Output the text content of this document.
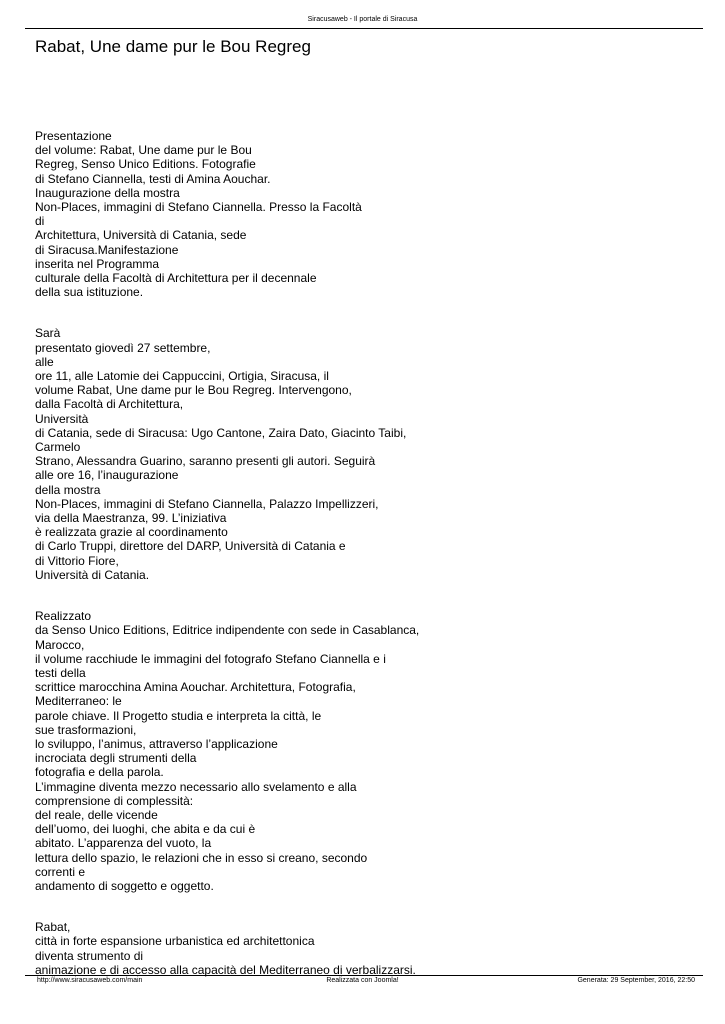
Siracusaweb - Il portale di Siracusa
Rabat, Une dame pur le Bou Regreg
Presentazione
del volume: Rabat, Une dame pur le Bou
Regreg, Senso Unico Editions. Fotografie
di Stefano Ciannella, testi di Amina Aouchar.
Inaugurazione della mostra
Non-Places, immagini di Stefano Ciannella. Presso la Facoltà
di
Architettura, Università di Catania, sede
di Siracusa.Manifestazione
inserita nel Programma
culturale della Facoltà di Architettura per il decennale
della sua istituzione.
Sarà
presentato giovedì 27 settembre,
alle
ore 11, alle Latomie dei Cappuccini, Ortigia, Siracusa, il
volume Rabat, Une dame pur le Bou Regreg. Intervengono,
dalla Facoltà di Architettura,
Università
di Catania, sede di Siracusa: Ugo Cantone, Zaira Dato, Giacinto Taibi,
Carmelo
Strano, Alessandra Guarino, saranno presenti gli autori. Seguirà
alle ore 16, l’inaugurazione
della mostra
Non-Places, immagini di Stefano Ciannella, Palazzo Impellizzeri,
via della Maestranza, 99. L’iniziativa
è realizzata grazie al coordinamento
di Carlo Truppi, direttore del DARP, Università di Catania e
di Vittorio Fiore,
Università di Catania.
Realizzato
da Senso Unico Editions, Editrice indipendente con sede in Casablanca,
Marocco,
il volume racchiude le immagini del fotografo Stefano Ciannella e i
testi della
scrittice marocchina Amina Aouchar. Architettura, Fotografia,
Mediterraneo: le
parole chiave. Il Progetto studia e interpreta la città, le
sue trasformazioni,
lo sviluppo, l’animus, attraverso l’applicazione
incrociata degli strumenti della
fotografia e della parola.
L’immagine diventa mezzo necessario allo svelamento e alla
comprensione di complessità:
del reale, delle vicende
dell’uomo, dei luoghi, che abita e da cui è
abitato. L’apparenza del vuoto, la
lettura dello spazio, le relazioni che in esso si creano, secondo
correnti e
andamento di soggetto e oggetto.
Rabat,
città in forte espansione urbanistica ed architettonica
diventa strumento di
animazione e di accesso alla capacità del Mediterraneo di verbalizzarsi.
http://www.siracusaweb.com/main	Realizzata con Joomla!	Generata: 29 September, 2016, 22:50
